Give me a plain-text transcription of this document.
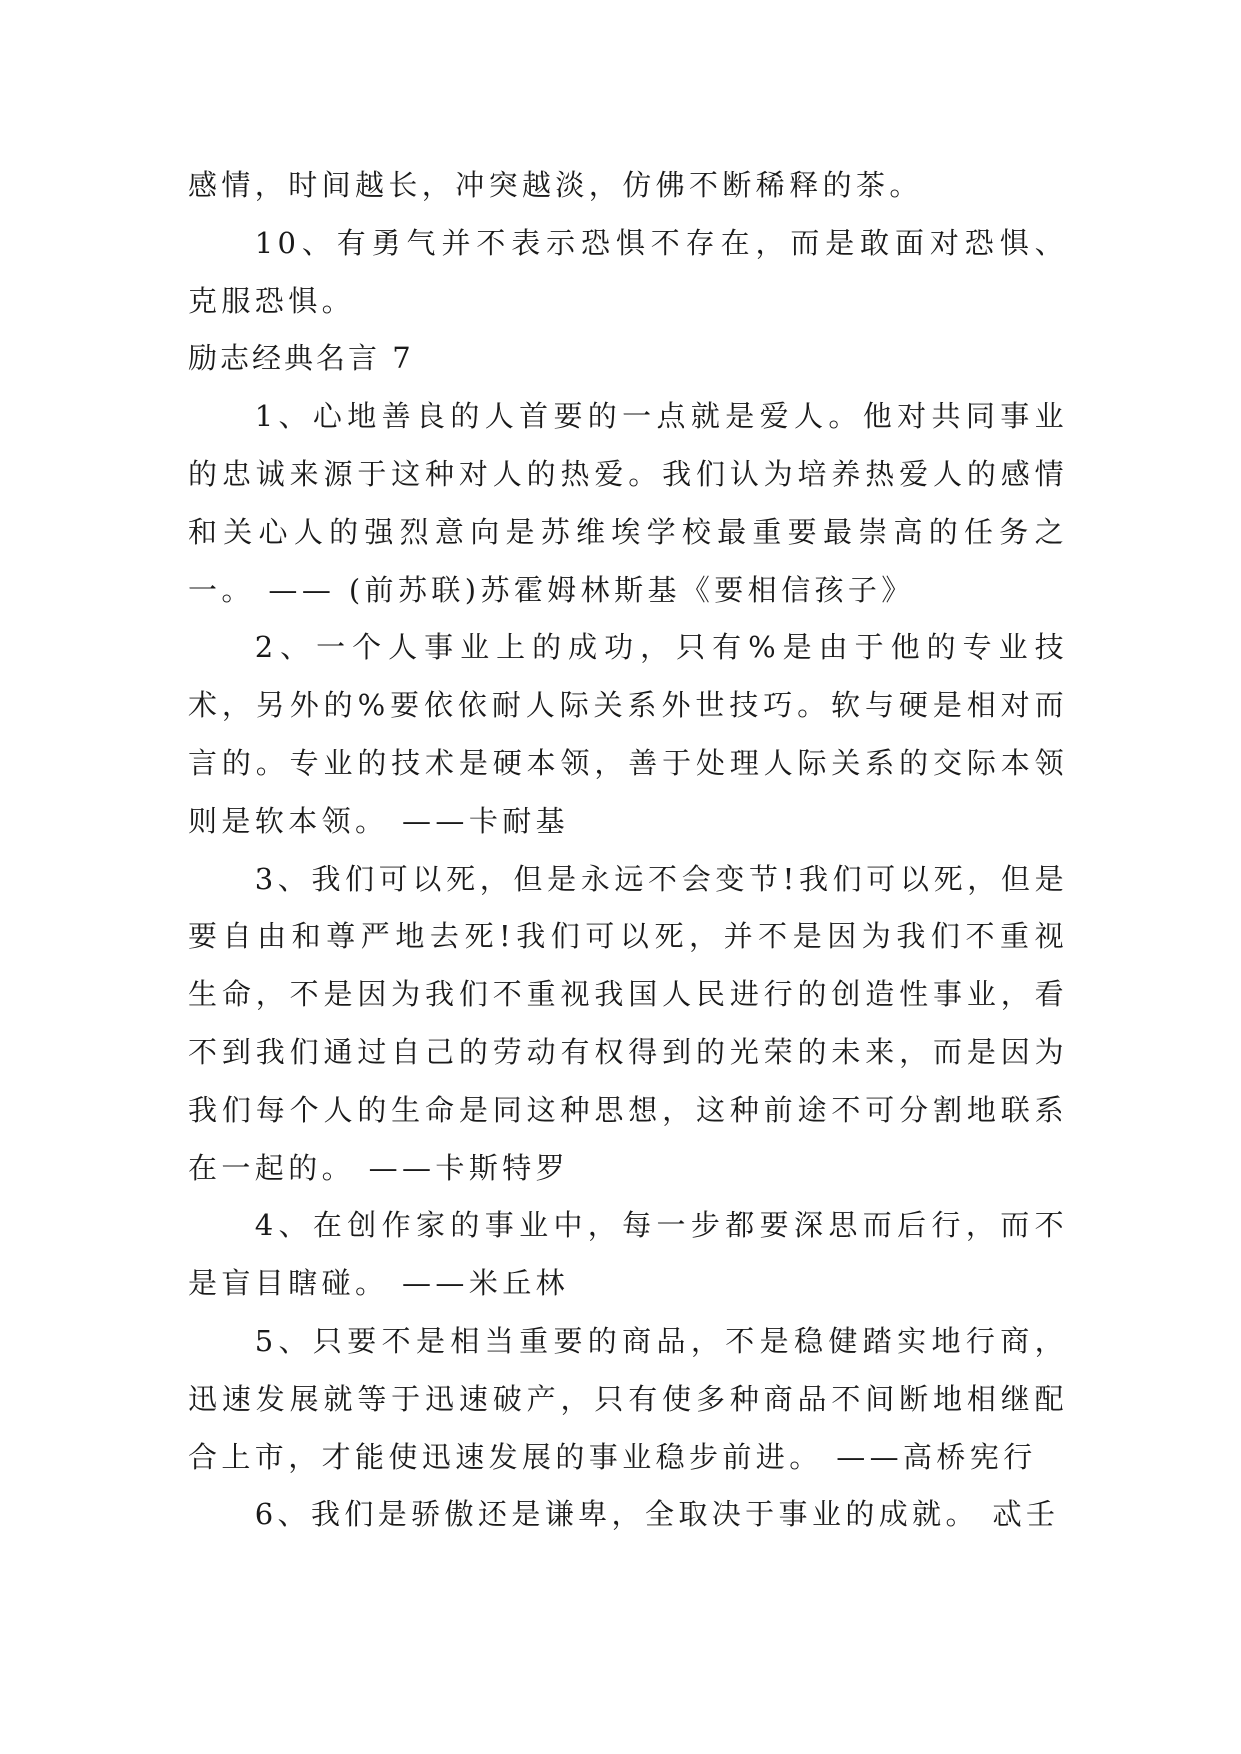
感情，时间越长，冲突越淡，仿佛不断稀释的茶。

10、有勇气并不表示恐惧不存在，而是敢面对恐惧、克服恐惧。

励志经典名言 7

1、心地善良的人首要的一点就是爱人。他对共同事业的忠诚来源于这种对人的热爱。我们认为培养热爱人的感情和关心人的强烈意向是苏维埃学校最重要最崇高的任务之一。 —— (前苏联)苏霍姆林斯基《要相信孩子》

2、一个人事业上的成功，只有%是由于他的专业技术，另外的%要依依耐人际关系外世技巧。软与硬是相对而言的。专业的技术是硬本领，善于处理人际关系的交际本领则是软本领。 ——卡耐基

3、我们可以死，但是永远不会变节!我们可以死，但是要自由和尊严地去死!我们可以死，并不是因为我们不重视生命，不是因为我们不重视我国人民进行的创造性事业，看不到我们通过自己的劳动有权得到的光荣的未来，而是因为我们每个人的生命是同这种思想，这种前途不可分割地联系在一起的。 ——卡斯特罗

4、在创作家的事业中，每一步都要深思而后行，而不是盲目瞎碰。 ——米丘林

5、只要不是相当重要的商品，不是稳健踏实地行商，迅速发展就等于迅速破产，只有使多种商品不间断地相继配合上市，才能使迅速发展的事业稳步前进。 ——高桥宪行

6、我们是骄傲还是谦卑，全取决于事业的成就。 忒壬
